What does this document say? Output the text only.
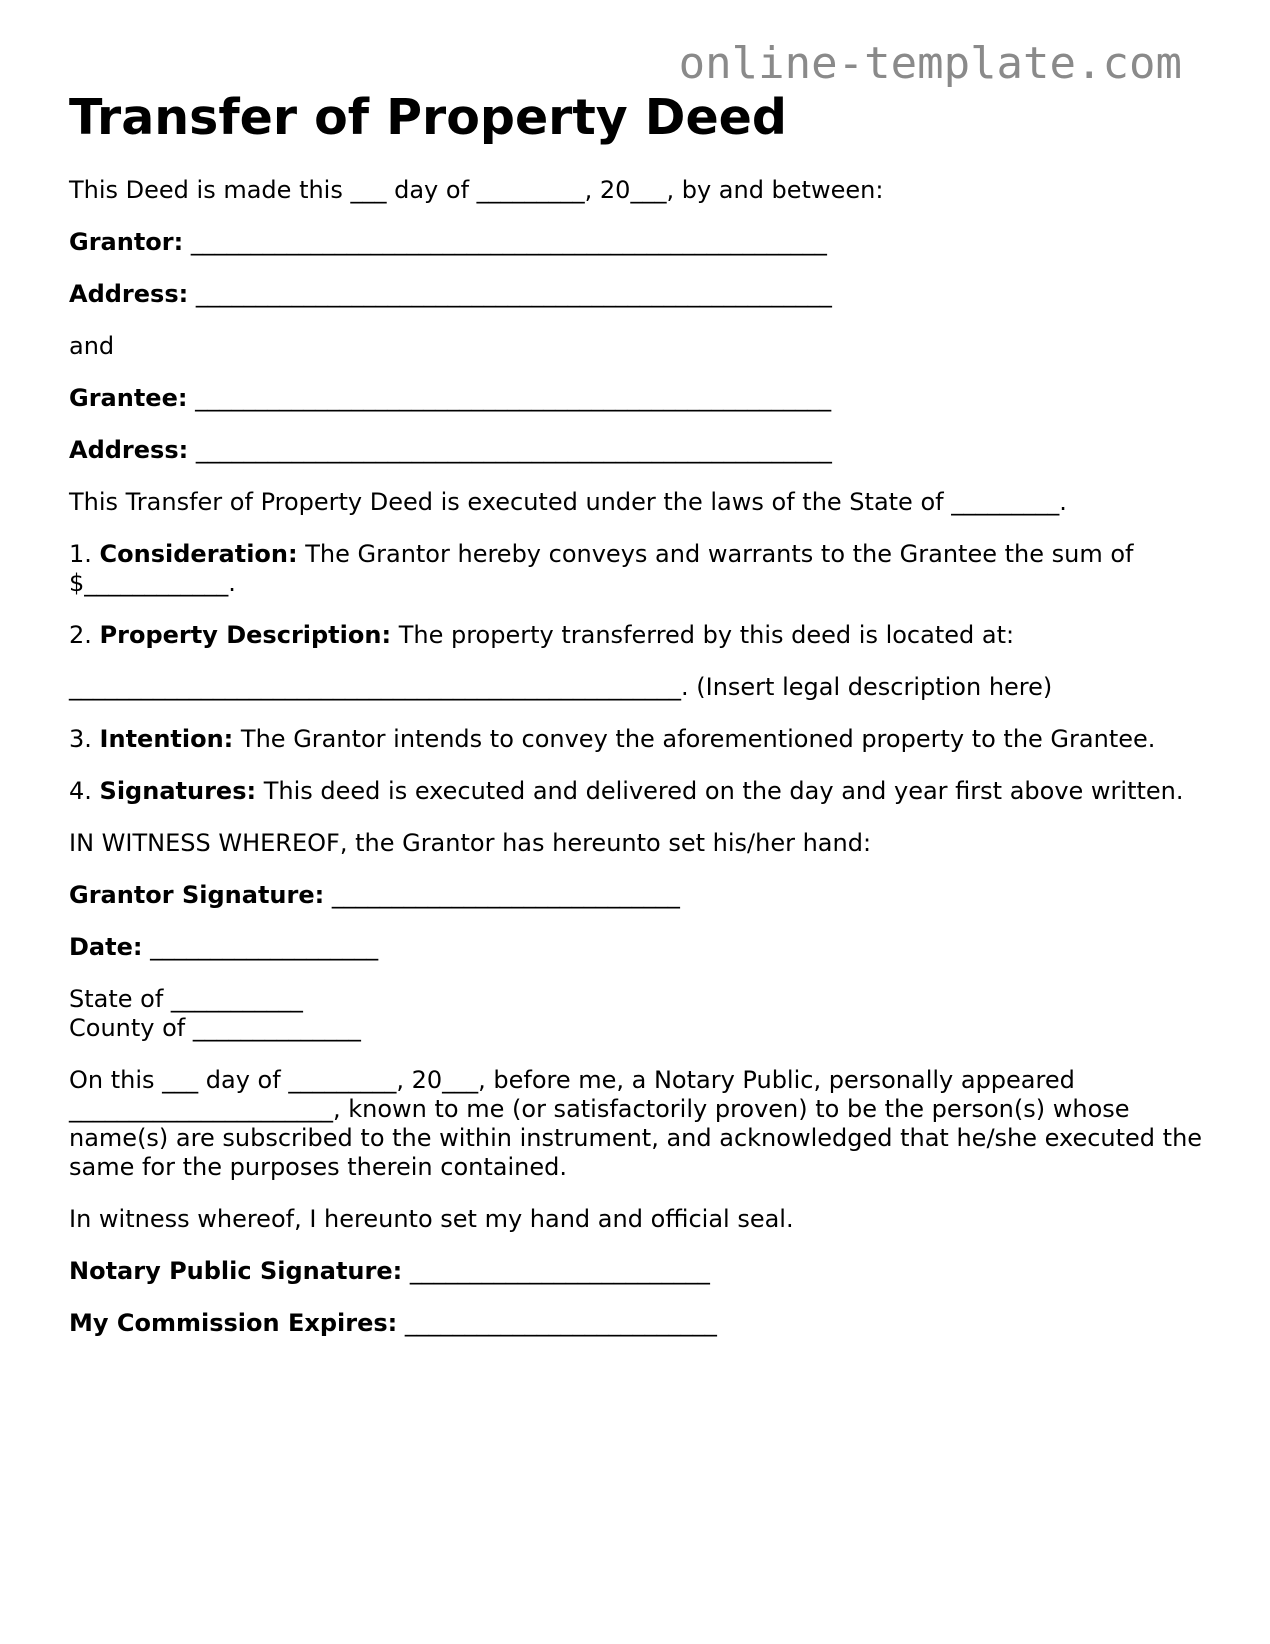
online-template.com
Transfer of Property Deed
This Deed is made this ___ day of _________, 20___, by and between:
Grantor: _____________________________________________________
Address: _____________________________________________________
and
Grantee: _____________________________________________________
Address: _____________________________________________________
This Transfer of Property Deed is executed under the laws of the State of _________.
1. Consideration: The Grantor hereby conveys and warrants to the Grantee the sum of $____________.
2. Property Description: The property transferred by this deed is located at:
___________________________________________________. (Insert legal description here)
3. Intention: The Grantor intends to convey the aforementioned property to the Grantee.
4. Signatures: This deed is executed and delivered on the day and year first above written.
IN WITNESS WHEREOF, the Grantor has hereunto set his/her hand:
Grantor Signature: _____________________________
Date: ___________________
State of ___________
County of ______________
On this ___ day of _________, 20___, before me, a Notary Public, personally appeared ______________________, known to me (or satisfactorily proven) to be the person(s) whose name(s) are subscribed to the within instrument, and acknowledged that he/she executed the same for the purposes therein contained.
In witness whereof, I hereunto set my hand and official seal.
Notary Public Signature: _________________________
My Commission Expires: __________________________
